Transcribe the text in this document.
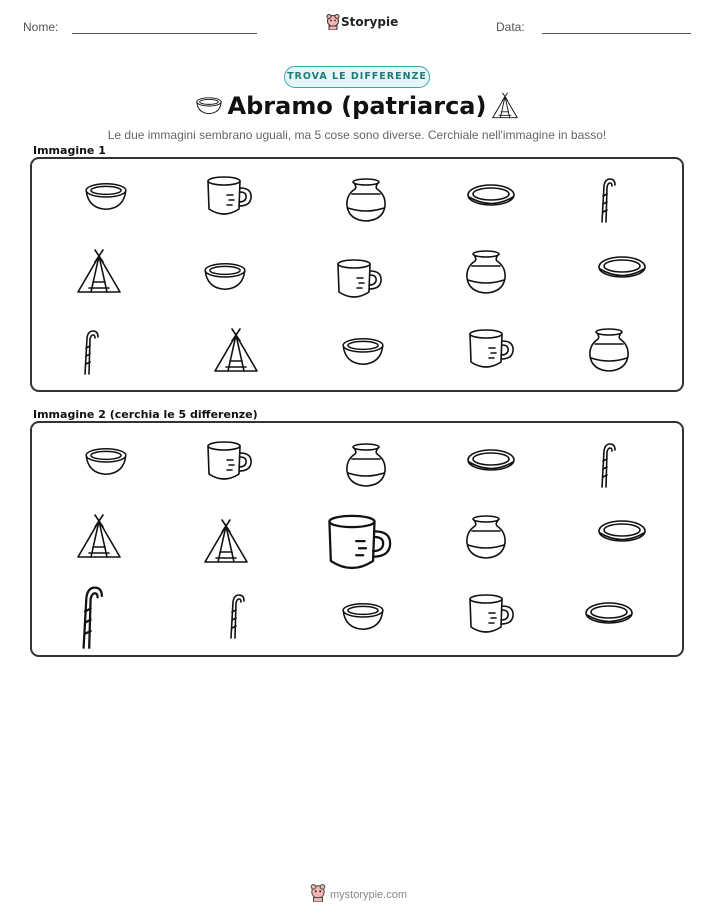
Nome:	Storypie	Data:
TROVA LE DIFFERENZE
Abramo (patriarca)
Le due immagini sembrano uguali, ma 5 cose sono diverse. Cerchiale nell'immagine in basso!
Immagine 1
Immagine 2 (cerchia le 5 differenze)
mystorypie.com
